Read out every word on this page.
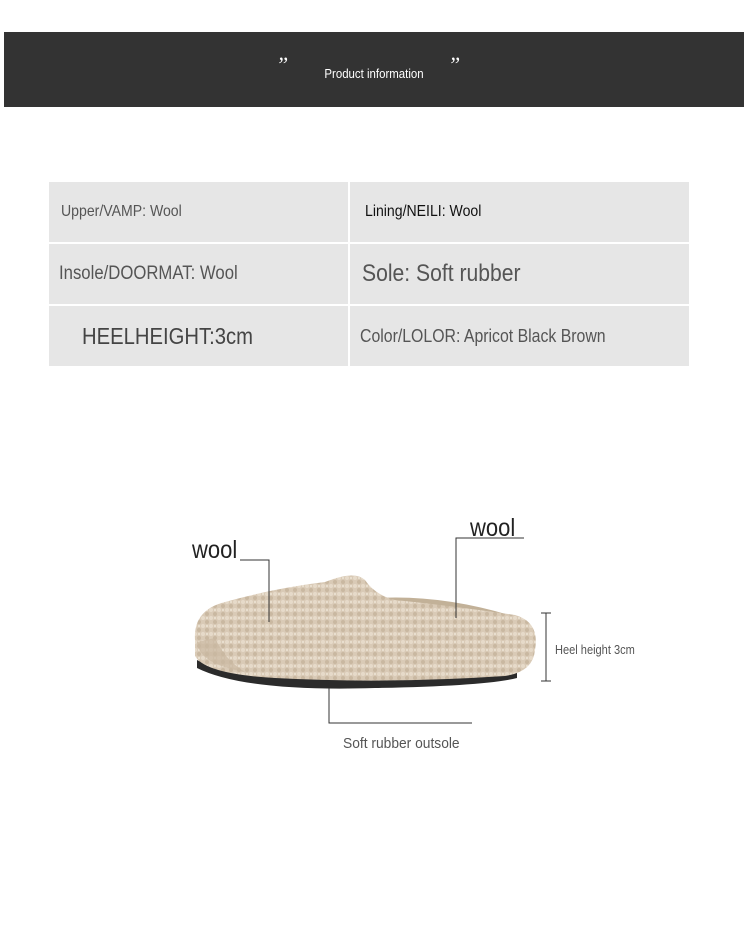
”	Product information	”
Upper/VAMP: Wool	Lining/NEILI: Wool
Insole/DOORMAT: Wool	Sole: Soft rubber
HEELHEIGHT:3cm	Color/LOLOR: Apricot Black Brown
wool
wool
Heel height 3cm
Soft rubber outsole
